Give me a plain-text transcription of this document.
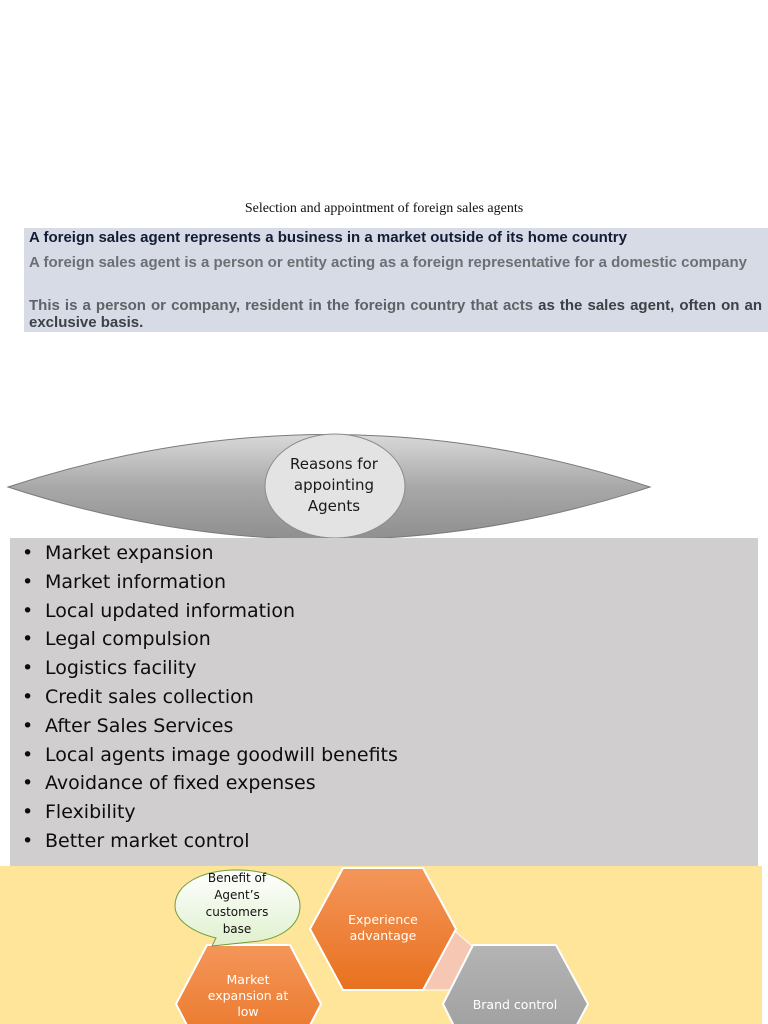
Selection and appointment of foreign sales agents
A foreign sales agent represents a business in a market outside of its home country
A foreign sales agent is a person or entity acting as a foreign representative for a domestic company
This is a person or company, resident in the foreign country that acts as the sales agent, often on an exclusive basis.
Reasons for appointing Agents
• Market expansion
• Market information
• Local updated information
• Legal compulsion
• Logistics facility
• Credit sales collection
• After Sales Services
• Local agents image goodwill benefits
• Avoidance of fixed expenses
• Flexibility
• Better market control
Benefit of Agent’s customers base
Experience advantage
Market expansion at low	Brand control
